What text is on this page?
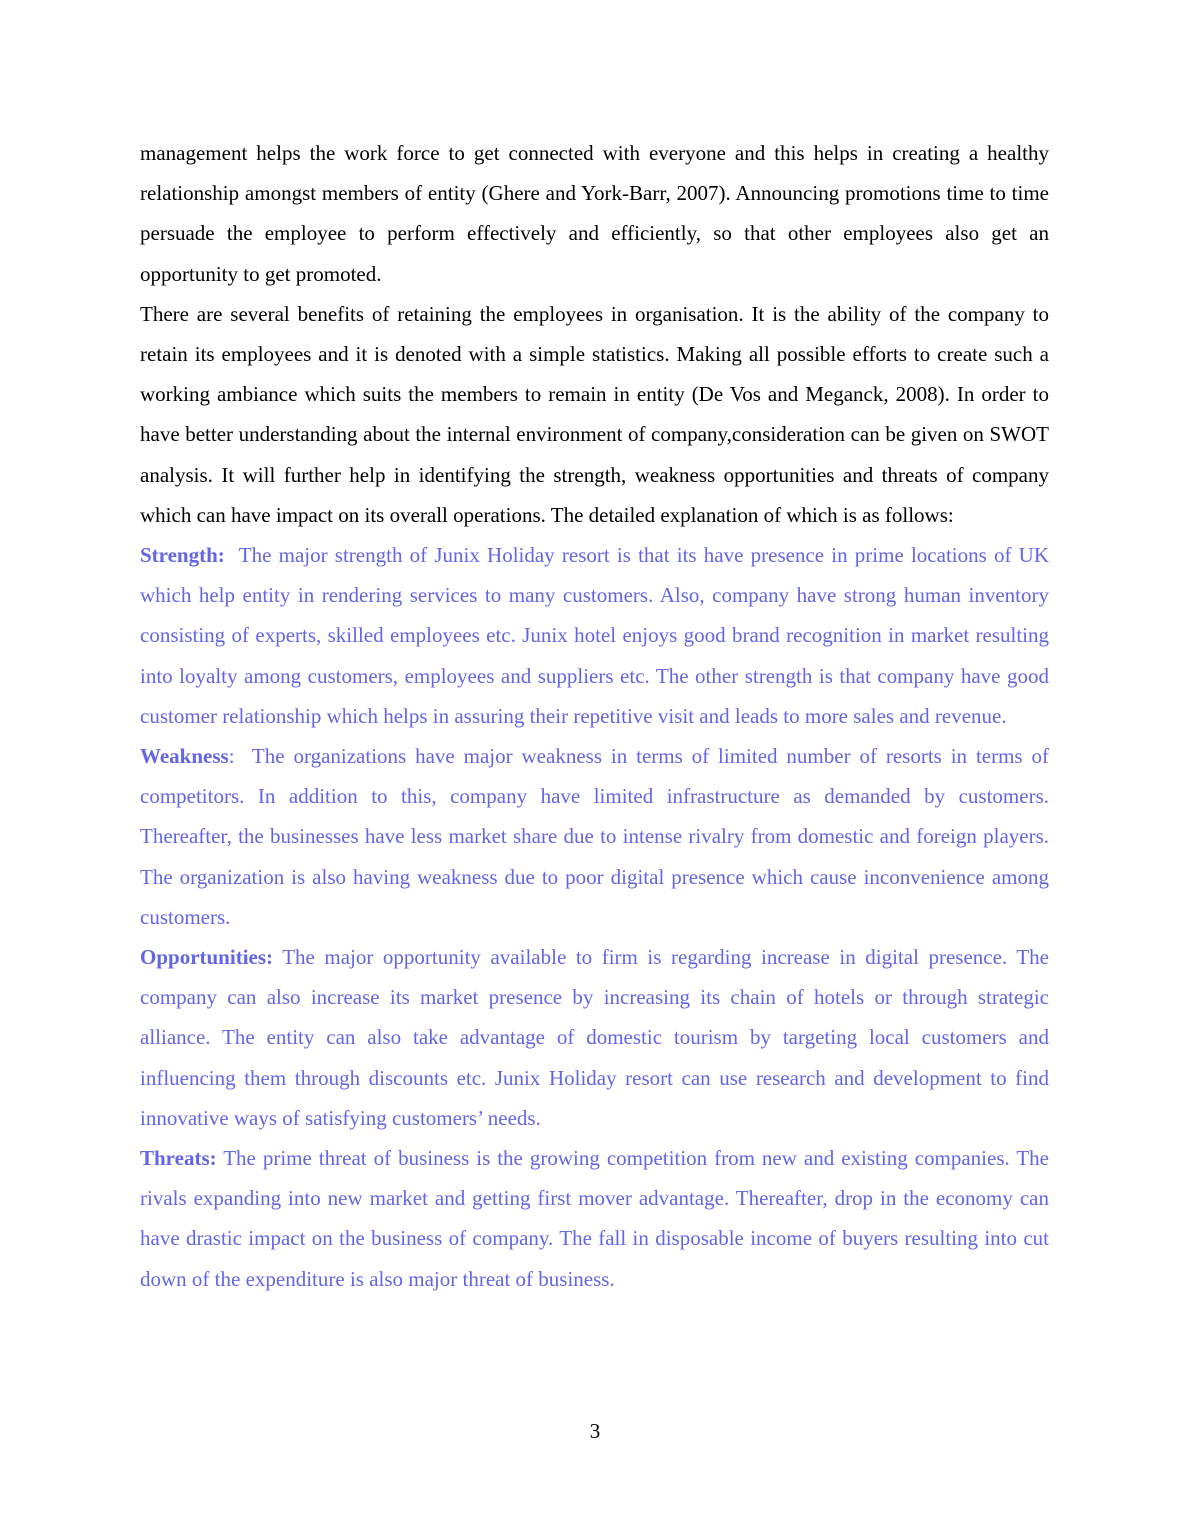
management helps the work force to get connected with everyone and this helps in creating a healthy relationship amongst members of entity (Ghere and York-Barr, 2007). Announcing promotions time to time persuade the employee to perform effectively and efficiently, so that other employees also get an opportunity to get promoted.

There are several benefits of retaining the employees in organisation. It is the ability of the company to retain its employees and it is denoted with a simple statistics. Making all possible efforts to create such a working ambiance which suits the members to remain in entity (De Vos and Meganck, 2008). In order to have better understanding about the internal environment of company,consideration can be given on SWOT analysis. It will further help in identifying the strength, weakness opportunities and threats of company which can have impact on its overall operations. The detailed explanation of which is as follows:

Strength:  The major strength of Junix Holiday resort is that its have presence in prime locations of UK which help entity in rendering services to many customers. Also, company have strong human inventory consisting of experts, skilled employees etc. Junix hotel enjoys good brand recognition in market resulting into loyalty among customers, employees and suppliers etc. The other strength is that company have good customer relationship which helps in assuring their repetitive visit and leads to more sales and revenue.

Weakness:  The organizations have major weakness in terms of limited number of resorts in terms of competitors. In addition to this, company have limited infrastructure as demanded by customers.  Thereafter, the businesses have less market share due to intense rivalry from domestic and foreign players. The organization is also having weakness due to poor digital presence which cause inconvenience among customers.

Opportunities: The major opportunity available to firm is regarding increase in digital presence. The company can also increase its market presence by increasing its chain of hotels or through strategic alliance. The entity can also take advantage of domestic tourism by targeting local customers and influencing them through discounts etc. Junix Holiday resort can use research and development to find innovative ways of satisfying customers’ needs.

Threats: The prime threat of business is the growing competition from new and existing companies. The rivals expanding into new market and getting first mover advantage. Thereafter, drop in the economy can have drastic impact on the business of company. The fall in disposable income of buyers resulting into cut down of the expenditure is also major threat of business.

3
